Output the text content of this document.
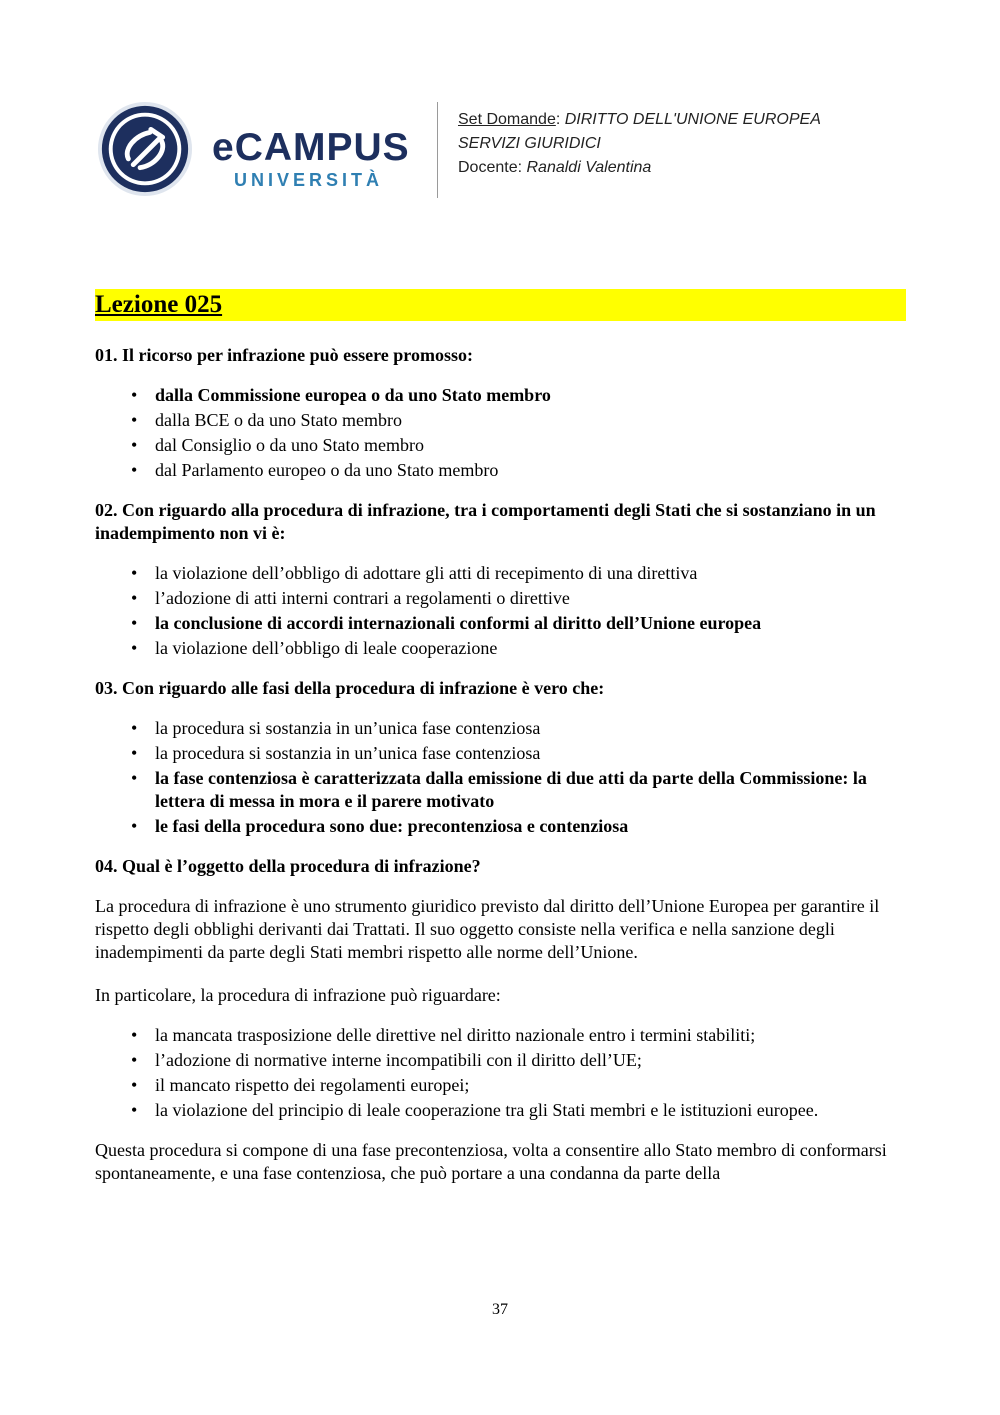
eCAMPUS
UNIVERSITÀ
Set Domande: DIRITTO DELL'UNIONE EUROPEA
SERVIZI GIURIDICI
Docente: Ranaldi Valentina
Lezione 025

01. Il ricorso per infrazione può essere promosso:

• dalla Commissione europea o da uno Stato membro
• dalla BCE o da uno Stato membro
• dal Consiglio o da uno Stato membro
• dal Parlamento europeo o da uno Stato membro

02. Con riguardo alla procedura di infrazione, tra i comportamenti degli Stati che si sostanziano in un inadempimento non vi è:

• la violazione dell’obbligo di adottare gli atti di recepimento di una direttiva
• l’adozione di atti interni contrari a regolamenti o direttive
• la conclusione di accordi internazionali conformi al diritto dell’Unione europea
• la violazione dell’obbligo di leale cooperazione

03. Con riguardo alle fasi della procedura di infrazione è vero che:

• la procedura si sostanzia in un’unica fase contenziosa
• la procedura si sostanzia in un’unica fase contenziosa
• la fase contenziosa è caratterizzata dalla emissione di due atti da parte della Commissione: la lettera di messa in mora e il parere motivato
• le fasi della procedura sono due: precontenziosa e contenziosa

04. Qual è l’oggetto della procedura di infrazione?

La procedura di infrazione è uno strumento giuridico previsto dal diritto dell’Unione Europea per garantire il rispetto degli obblighi derivanti dai Trattati. Il suo oggetto consiste nella verifica e nella sanzione degli inadempimenti da parte degli Stati membri rispetto alle norme dell’Unione.

In particolare, la procedura di infrazione può riguardare:

• la mancata trasposizione delle direttive nel diritto nazionale entro i termini stabiliti;
• l’adozione di normative interne incompatibili con il diritto dell’UE;
• il mancato rispetto dei regolamenti europei;
• la violazione del principio di leale cooperazione tra gli Stati membri e le istituzioni europee.

Questa procedura si compone di una fase precontenziosa, volta a consentire allo Stato membro di conformarsi spontaneamente, e una fase contenziosa, che può portare a una condanna da parte della

37
